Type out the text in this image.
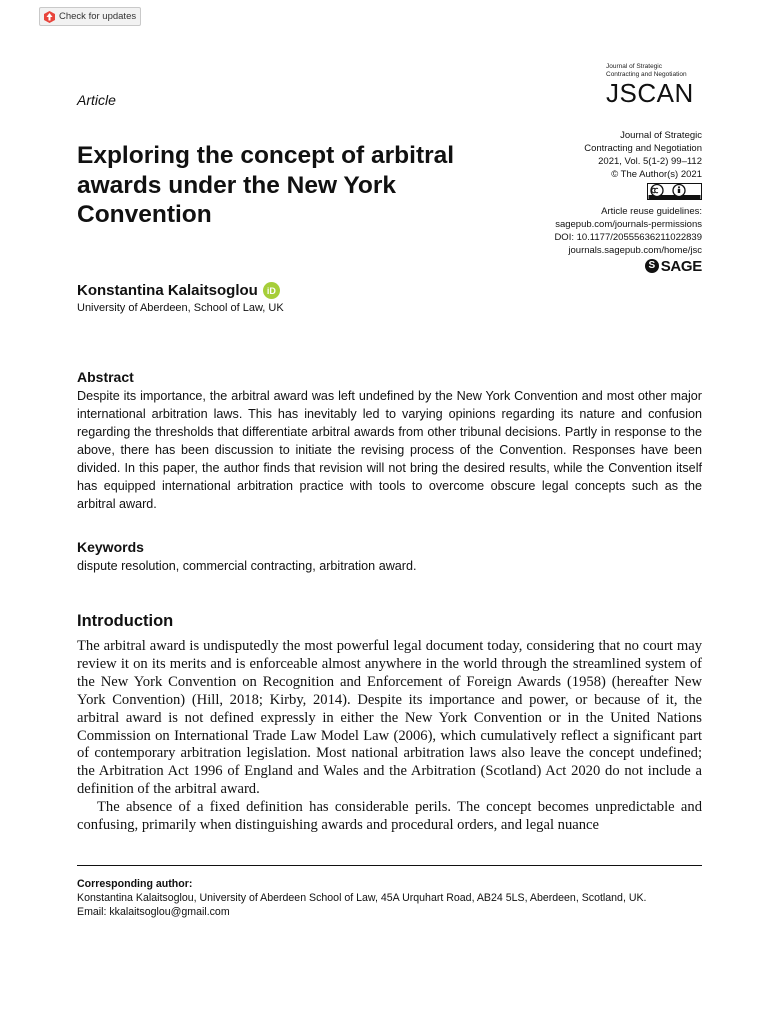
Check for updates
Journal of Strategic
Contracting and Negotiation
JSCAN
Article
Exploring the concept of arbitral awards under the New York Convention
Journal of Strategic
Contracting and Negotiation
2021, Vol. 5(1-2) 99–112
© The Author(s) 2021
Article reuse guidelines:
sagepub.com/journals-permissions
DOI: 10.1177/20555636211022839
journals.sagepub.com/home/jsc
S SAGE
Konstantina Kalaitsoglou	iD
University of Aberdeen, School of Law, UK
Abstract

Despite its importance, the arbitral award was left undefined by the New York Convention and most other major international arbitration laws. This has inevitably led to varying opinions regarding its nature and confusion regarding the thresholds that differentiate arbitral awards from other tribunal decisions. Partly in response to the above, there has been discussion to initiate the revising process of the Convention. Responses have been divided. In this paper, the author finds that revision will not bring the desired results, while the Convention itself has equipped international arbitration practice with tools to overcome obscure legal concepts such as the arbitral award.

Keywords
dispute resolution, commercial contracting, arbitration award.
Introduction

The arbitral award is undisputedly the most powerful legal document today, considering that no court may review it on its merits and is enforceable almost anywhere in the world through the streamlined system of the New York Convention on Recognition and Enforcement of Foreign Awards (1958) (hereafter New York Convention) (Hill, 2018; Kirby, 2014). Despite its importance and power, or because of it, the arbitral award is not defined expressly in either the New York Convention or in the United Nations Commission on International Trade Law Model Law (2006), which cumulatively reflect a significant part of contemporary arbitration legislation. Most national arbitration laws also leave the concept undefined; the Arbitration Act 1996 of England and Wales and the Arbitration (Scotland) Act 2020 do not include a definition of the arbitral award.

The absence of a fixed definition has considerable perils. The concept becomes unpredictable and confusing, primarily when distinguishing awards and procedural orders, and legal nuance

Corresponding author:
Konstantina Kalaitsoglou, University of Aberdeen School of Law, 45A Urquhart Road, AB24 5LS, Aberdeen, Scotland, UK.
Email: kkalaitsoglou@gmail.com
